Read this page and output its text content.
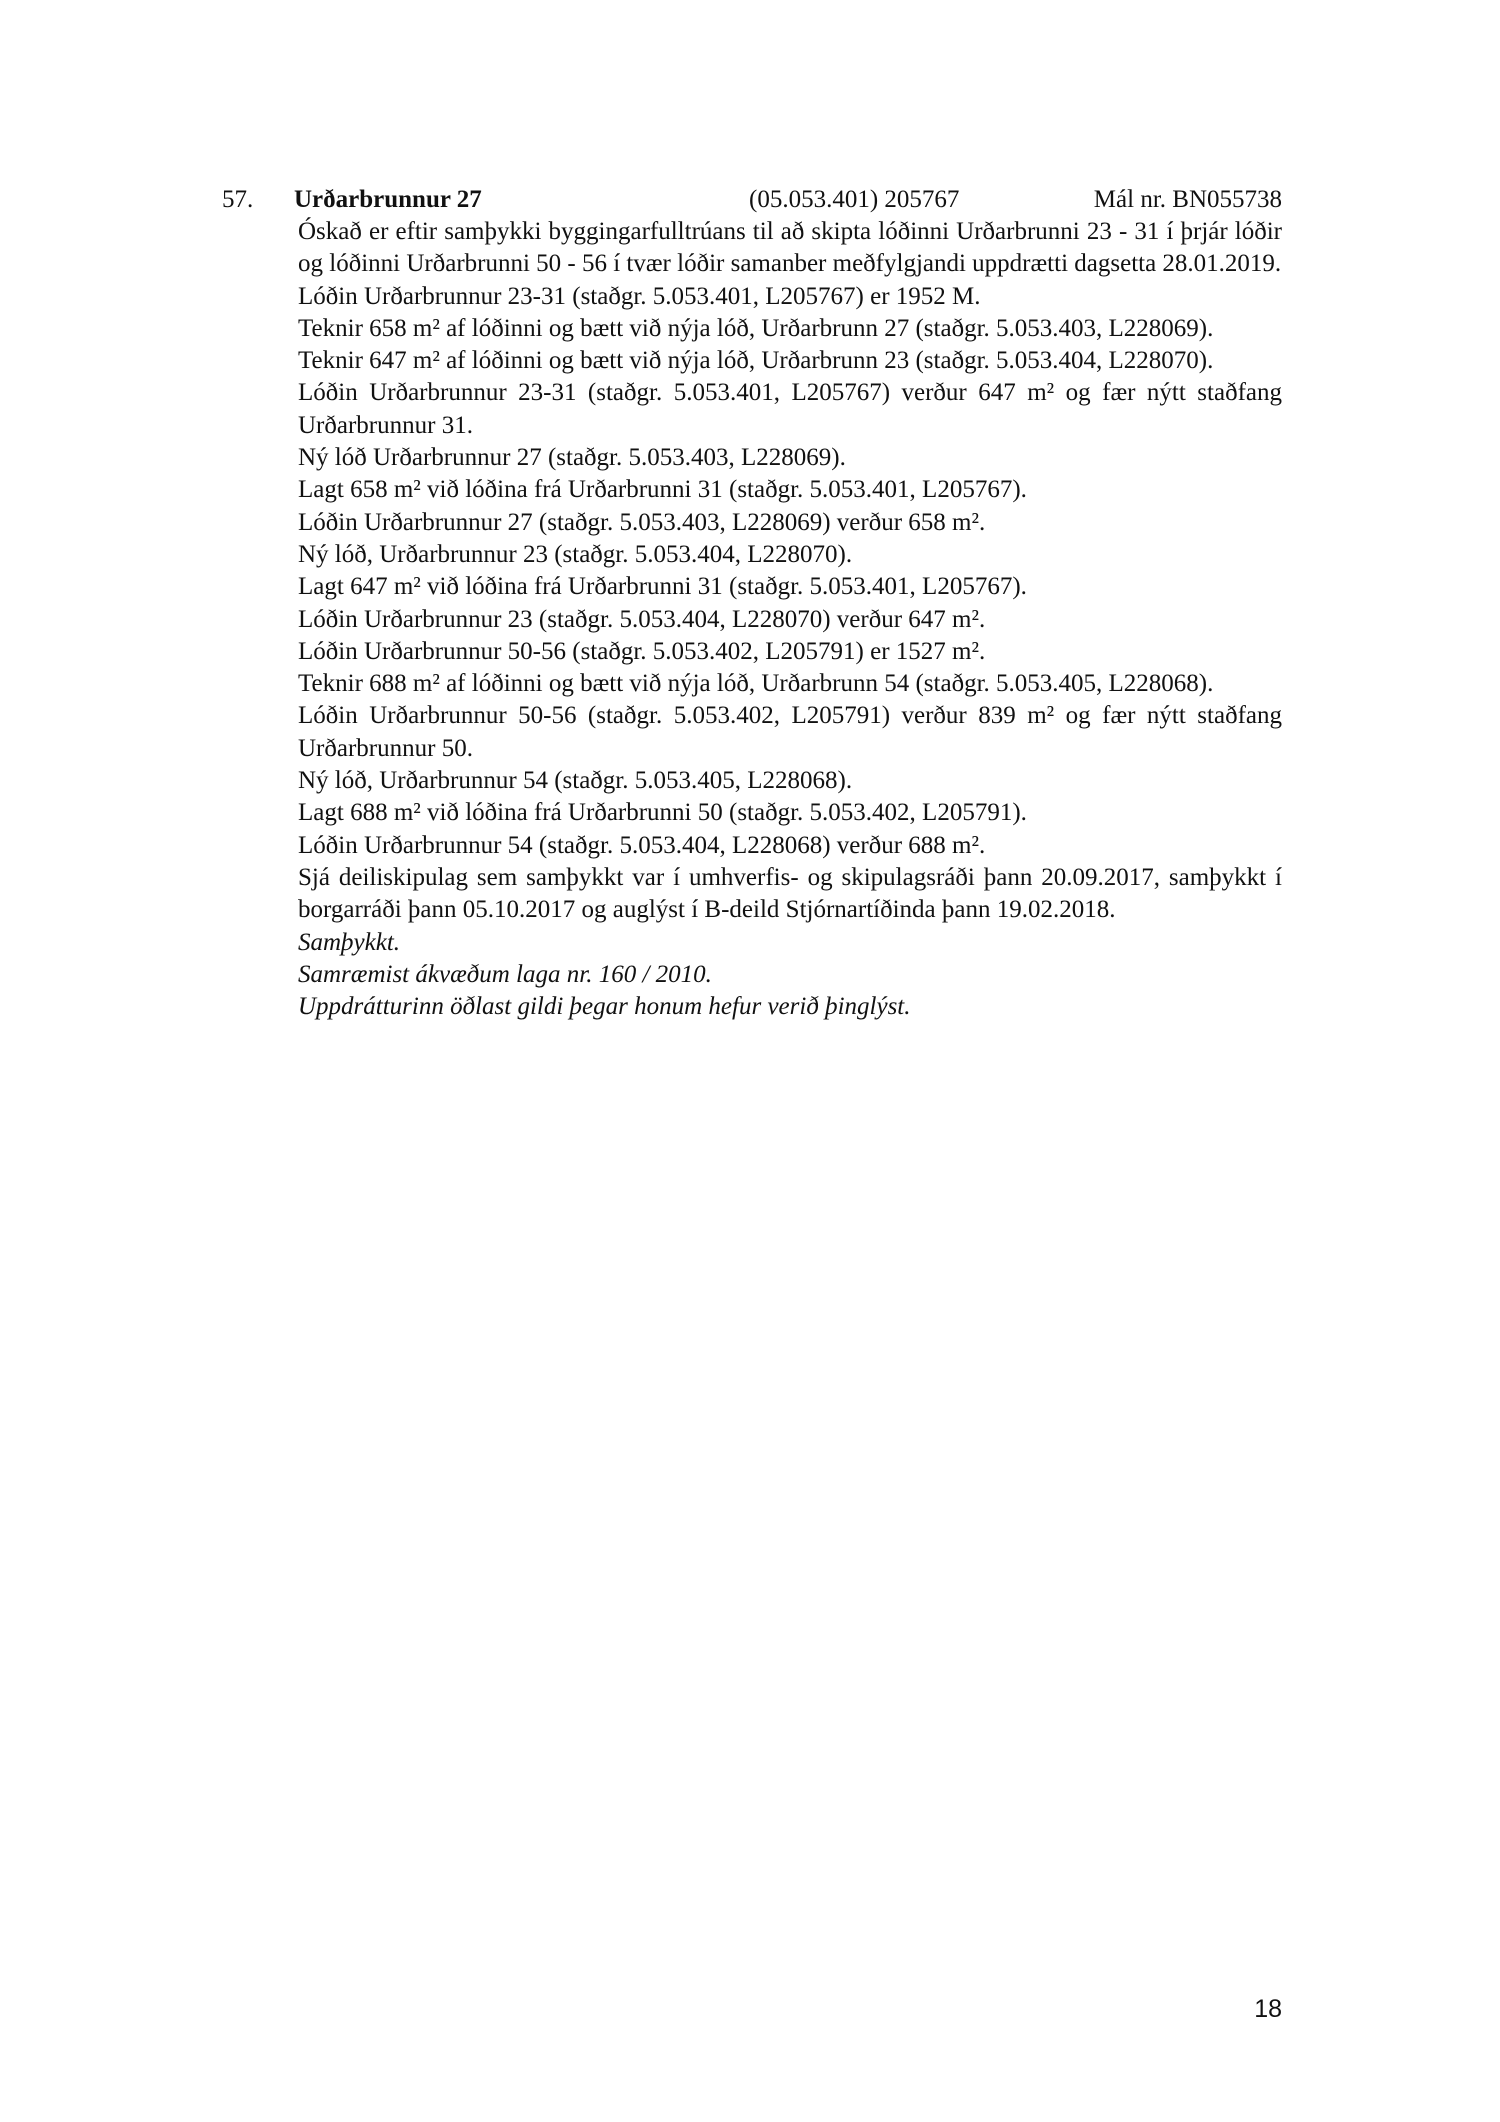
57. Urðarbrunnur 27	(05.053.401) 205767	Mál nr. BN055738

Óskað er eftir samþykki byggingarfulltrúans til að skipta lóðinni Urðarbrunni 23 - 31 í þrjár lóðir og lóðinni Urðarbrunni 50 - 56 í tvær lóðir samanber meðfylgjandi uppdrætti dagsetta 28.01.2019.

Lóðin Urðarbrunnur 23-31 (staðgr. 5.053.401, L205767) er 1952 M.

Teknir 658 m² af lóðinni og bætt við nýja lóð, Urðarbrunn 27 (staðgr. 5.053.403, L228069).

Teknir 647 m² af lóðinni og bætt við nýja lóð, Urðarbrunn 23 (staðgr. 5.053.404, L228070).

Lóðin Urðarbrunnur 23-31 (staðgr. 5.053.401, L205767) verður 647 m² og fær nýtt staðfang Urðarbrunnur 31.

Ný lóð Urðarbrunnur 27 (staðgr. 5.053.403, L228069).

Lagt 658 m² við lóðina frá Urðarbrunni 31 (staðgr. 5.053.401, L205767).

Lóðin Urðarbrunnur 27 (staðgr. 5.053.403, L228069) verður 658 m².

Ný lóð, Urðarbrunnur 23 (staðgr. 5.053.404, L228070).

Lagt 647 m² við lóðina frá Urðarbrunni 31 (staðgr. 5.053.401, L205767).

Lóðin Urðarbrunnur 23 (staðgr. 5.053.404, L228070) verður 647 m².

Lóðin Urðarbrunnur 50-56 (staðgr. 5.053.402, L205791) er 1527 m².

Teknir 688 m² af lóðinni og bætt við nýja lóð, Urðarbrunn 54 (staðgr. 5.053.405, L228068).

Lóðin Urðarbrunnur 50-56 (staðgr. 5.053.402, L205791) verður 839 m² og fær nýtt staðfang Urðarbrunnur 50.

Ný lóð, Urðarbrunnur 54 (staðgr. 5.053.405, L228068).

Lagt 688 m² við lóðina frá Urðarbrunni 50 (staðgr. 5.053.402, L205791).

Lóðin Urðarbrunnur 54 (staðgr. 5.053.404, L228068) verður 688 m².

Sjá deiliskipulag sem samþykkt var í umhverfis- og skipulagsráði þann 20.09.2017, samþykkt í borgarráði þann 05.10.2017 og auglýst í B-deild Stjórnartíðinda þann 19.02.2018.

Samþykkt.

Samræmist ákvæðum laga nr. 160 / 2010.

Uppdrátturinn öðlast gildi þegar honum hefur verið þinglýst.

18
